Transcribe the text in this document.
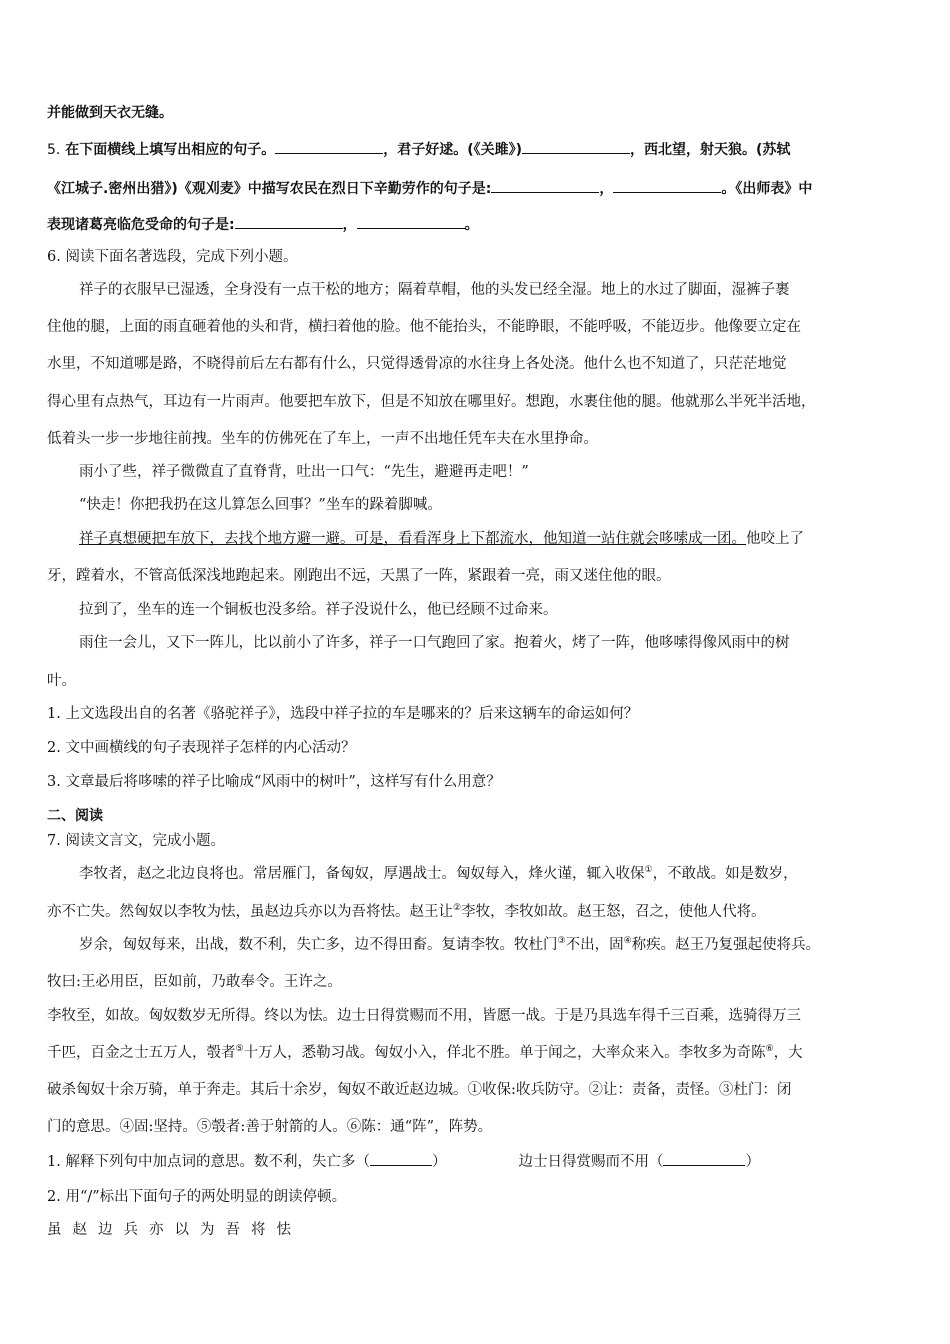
并能做到天衣无缝。
5. 在下面横线上填写出相应的句子。	，君子好逑。(《关雎》)	，西北望，射天狼。(苏轼
《江城子.密州出猎》)《观刈麦》中描写农民在烈日下辛勤劳作的句子是:	，	。《出师表》中
表现诸葛亮临危受命的句子是:	，	。
6. 阅读下面名著选段，完成下列小题。
祥子的衣服早已湿透，全身没有一点干松的地方；隔着草帽，他的头发已经全湿。地上的水过了脚面，湿裤子裹
住他的腿，上面的雨直砸着他的头和背，横扫着他的脸。他不能抬头，不能睁眼，不能呼吸，不能迈步。他像要立定在
水里，不知道哪是路，不晓得前后左右都有什么，只觉得透骨凉的水往身上各处浇。他什么也不知道了，只茫茫地觉
得心里有点热气，耳边有一片雨声。他要把车放下，但是不知放在哪里好。想跑，水裹住他的腿。他就那么半死半活地，
低着头一步一步地往前拽。坐车的仿佛死在了车上，一声不出地任凭车夫在水里挣命。
雨小了些，祥子微微直了直脊背，吐出一口气：“先生，避避再走吧！”
“快走！你把我扔在这儿算怎么回事？”坐车的跺着脚喊。
祥子真想硬把车放下，去找个地方避一避。可是，看看浑身上下都流水，他知道一站住就会哆嗦成一团。他咬上了
牙，蹚着水，不管高低深浅地跑起来。刚跑出不远，天黑了一阵，紧跟着一亮，雨又迷住他的眼。
拉到了，坐车的连一个铜板也没多给。祥子没说什么，他已经顾不过命来。
雨住一会儿，又下一阵儿，比以前小了许多，祥子一口气跑回了家。抱着火，烤了一阵，他哆嗦得像风雨中的树
叶。
1. 上文选段出自的名著《骆驼祥子》，选段中祥子拉的车是哪来的？后来这辆车的命运如何？
2. 文中画横线的句子表现祥子怎样的内心活动？
3. 文章最后将哆嗦的祥子比喻成“风雨中的树叶”，这样写有什么用意？
二、阅读
7. 阅读文言文，完成小题。
李牧者，赵之北边良将也。常居雁门，备匈奴，厚遇战士。匈奴每入，烽火谨，辄入收保①，不敢战。如是数岁，
亦不亡失。然匈奴以李牧为怯，虽赵边兵亦以为吾将怯。赵王让②李牧，李牧如故。赵王怒，召之，使他人代将。
岁余，匈奴每来，出战，数不利，失亡多，边不得田畜。复请李牧。牧杜门③不出，固④称疾。赵王乃复强起使将兵。
牧曰:王必用臣，臣如前，乃敢奉令。王许之。
李牧至，如故。匈奴数岁无所得。终以为怯。边士日得赏赐而不用，皆愿一战。于是乃具选车得千三百乘，选骑得万三
千匹，百金之士五万人，彀者⑤十万人，悉勒习战。匈奴小入，佯北不胜。单于闻之，大率众来入。李牧多为奇陈⑥，大
破杀匈奴十余万骑，单于奔走。其后十余岁，匈奴不敢近赵边城。①收保:收兵防守。②让：责备，责怪。③杜门：闭
门的意思。④固:坚持。⑤彀者:善于射箭的人。⑥陈：通“阵”，阵势。
1. 解释下列句中加点词的意思。数不利，失亡多（	）	边士日得赏赐而不用（	）
2. 用“/”标出下面句子的两处明显的朗读停顿。
虽 赵 边 兵 亦 以 为 吾 将 怯
